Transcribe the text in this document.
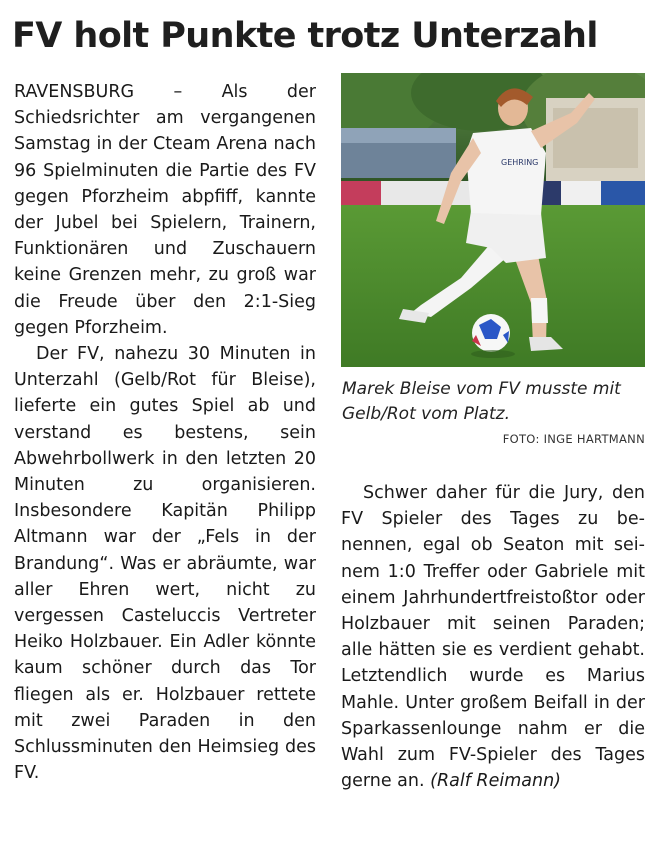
FV holt Punkte trotz Unterzahl

RAVENSBURG – Als der Schiedsrichter am vergangenen Samstag in der Cteam Arena nach 96 Spielminuten die Partie des FV gegen Pforzheim abpfiff, kannte der Jubel bei Spielern, Trainern, Funktionären und Zuschauern keine Grenzen mehr, zu groß war die Freude über den 2:1-Sieg gegen Pforzheim.

Der FV, nahezu 30 Minuten in Unterzahl (Gelb/Rot für Bleise), lieferte ein gutes Spiel ab und verstand es bestens, sein Abwehrbollwerk in den letzten 20 Minuten zu organisieren. Insbesondere Kapitän Philipp Altmann war der „Fels in der Brandung“. Was er abräumte, war aller Ehren wert, nicht zu vergessen Casteluccis Vertreter Heiko Holzbauer. Ein Adler könnte kaum schöner durch das Tor fliegen als er. Holzbauer rettete mit zwei Paraden in den Schlussminuten den Heimsieg des FV.

GEHRING
Marek Bleise vom FV musste mit Gelb/Rot vom Platz.
FOTO: INGE HARTMANN

Schwer daher für die Jury, den FV Spieler des Tages zu benennen, egal ob Seaton mit seinem 1:0 Treffer oder Gabriele mit einem Jahrhundertfreistoßtor oder Holzbauer mit seinen Paraden; alle hätten sie es verdient gehabt. Letztendlich wurde es Marius Mahle. Unter großem Beifall in der Sparkassenlounge nahm er die Wahl zum FV-Spieler des Tages gerne an. (Ralf Reimann)
